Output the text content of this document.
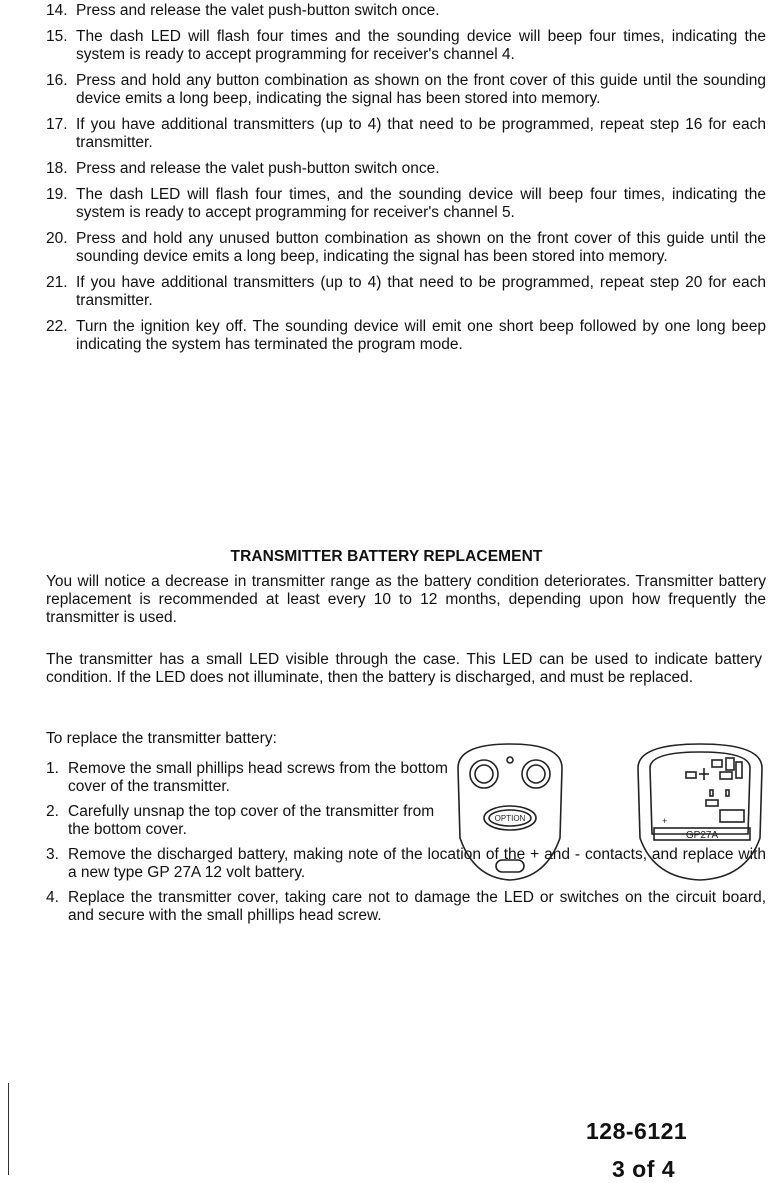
14. Press and release the valet push-button switch once.
15. The dash LED will flash four times and the sounding device will beep four times, indicating the system is ready to accept programming for receiver's channel 4.
16. Press and hold any button combination as shown on the front cover of this guide until the sounding device emits a long beep, indicating the signal has been stored into memory.
17. If you have additional transmitters (up to 4) that need to be programmed, repeat step 16 for each transmitter.
18. Press and release the valet push-button switch once.
19. The dash LED will flash four times, and the sounding device will beep four times, indicating the system is ready to accept programming for receiver's channel 5.
20. Press and hold any unused button combination as shown on the front cover of this guide until the sounding device emits a long beep, indicating the signal has been stored into memory.
21. If you have additional transmitters (up to 4) that need to be programmed, repeat step 20 for each transmitter.
22. Turn the ignition key off. The sounding device will emit one short beep followed by one long beep indicating the system has terminated the program mode.
TRANSMITTER BATTERY REPLACEMENT

You will notice a decrease in transmitter range as the battery condition deteriorates. Transmitter battery replacement is recommended at least every 10 to 12 months, depending upon how frequently the transmitter is used.

The transmitter has a small LED visible through the case. This LED can be used to indicate battery condition. If the LED does not illuminate, then the battery is discharged, and must be replaced.

To replace the transmitter battery:

1. Remove the small phillips head screws from the bottom cover of the transmitter.
2. Carefully unsnap the top cover of the transmitter from the bottom cover.
3. Remove the discharged battery, making note of the location of the + and - contacts, and replace with a new type GP 27A 12 volt battery.
4. Replace the transmitter cover, taking care not to damage the LED or switches on the circuit board, and secure with the small phillips head screw.
OPTION	+
GP27A
128-6121
3 of 4
